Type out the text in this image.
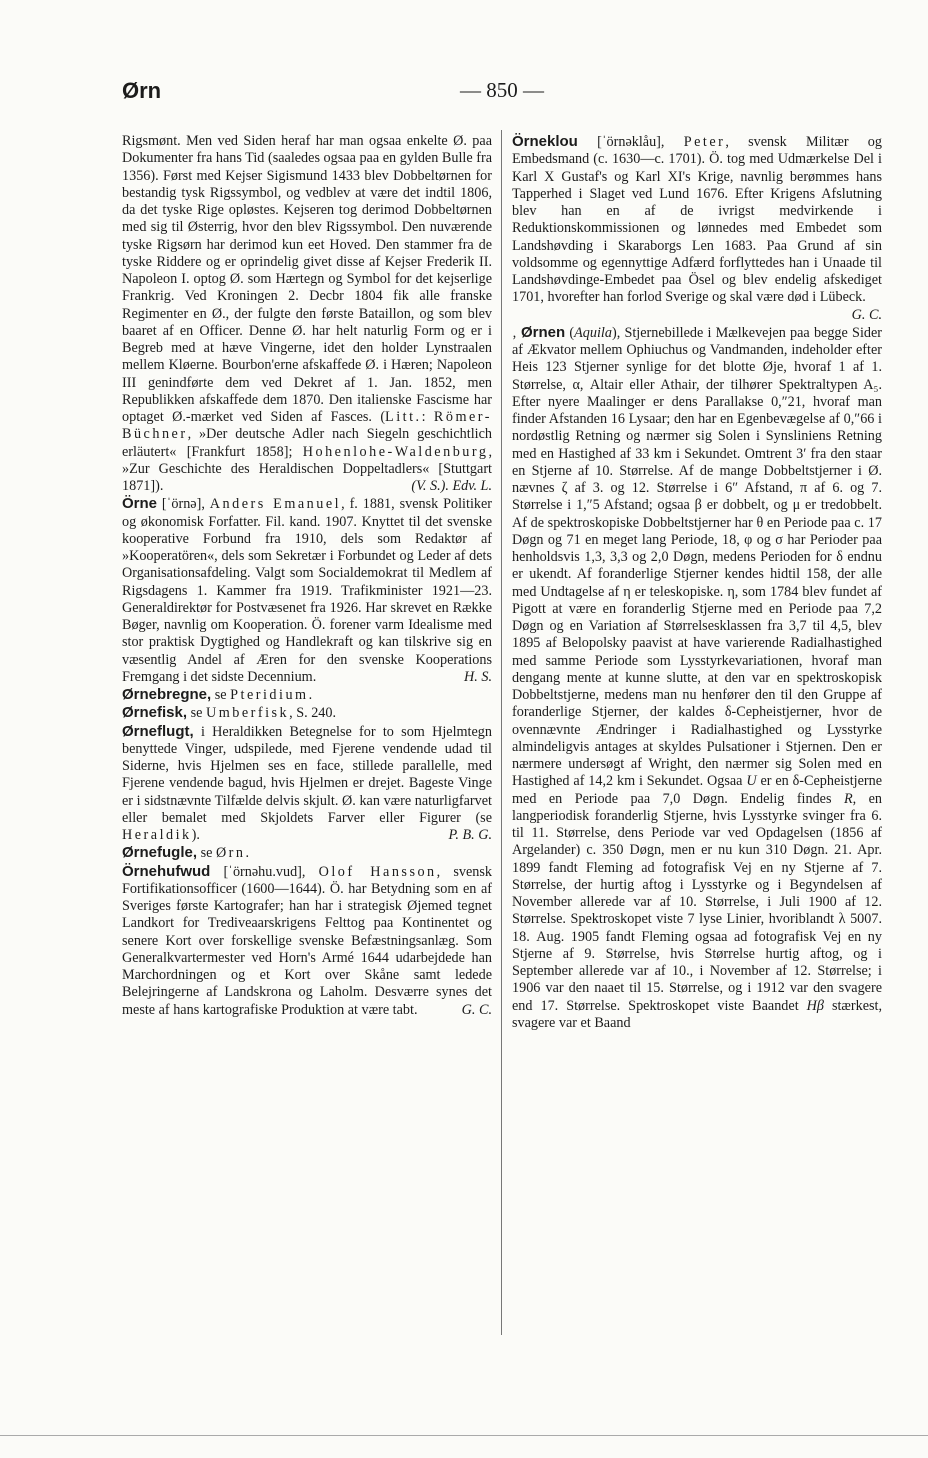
Ørn	— 850 —

Rigsmønt. Men ved Siden heraf har man ogsaa enkelte Ø. paa Dokumenter fra hans Tid (saaledes ogsaa paa en gylden Bulle fra 1356). Først med Kejser Sigismund 1433 blev Dobbeltørnen for bestandig tysk Rigssymbol, og vedblev at være det indtil 1806, da det tyske Rige opløstes. Kejseren tog derimod Dobbeltørnen med sig til Østerrig, hvor den blev Rigssymbol. Den nuværende tyske Rigsørn har derimod kun eet Hoved. Den stammer fra de tyske Riddere og er oprindelig givet disse af Kejser Frederik II. Napoleon I. optog Ø. som Hærtegn og Symbol for det kejserlige Frankrig. Ved Kroningen 2. Decbr 1804 fik alle franske Regimenter en Ø., der fulgte den første Bataillon, og som blev baaret af en Officer. Denne Ø. har helt naturlig Form og er i Begreb med at hæve Vingerne, idet den holder Lynstraalen mellem Kløerne. Bourbon'erne afskaffede Ø. i Hæren; Napoleon III genindførte dem ved Dekret af 1. Jan. 1852, men Republikken afskaffede dem 1870. Den italienske Fascisme har optaget Ø.-mærket ved Siden af Fasces. (Litt.: Römer-Büchner, »Der deutsche Adler nach Siegeln geschichtlich erläutert« [Frankfurt 1858]; Hohenlohe-Waldenburg, »Zur Geschichte des Heraldischen Doppeltadlers« [Stuttgart 1871]).	(V. S.). Edv. L.

Örne [ˈörnə], Anders Emanuel, f. 1881, svensk Politiker og økonomisk Forfatter. Fil. kand. 1907. Knyttet til det svenske kooperative Forbund fra 1910, dels som Redaktør af »Kooperatören«, dels som Sekretær i Forbundet og Leder af dets Organisationsafdeling. Valgt som Socialdemokrat til Medlem af Rigsdagens 1. Kammer fra 1919. Trafikminister 1921—23. Generaldirektør for Postvæsenet fra 1926. Har skrevet en Række Bøger, navnlig om Kooperation. Ö. forener varm Idealisme med stor praktisk Dygtighed og Handlekraft og kan tilskrive sig en væsentlig Andel af Æren for den svenske Kooperations Fremgang i det sidste Decennium.	H. S.

Ørnebregne, se Pteridium.

Ørnefisk, se Umberfisk, S. 240.

Ørneflugt, i Heraldikken Betegnelse for to som Hjelmtegn benyttede Vinger, udspilede, med Fjerene vendende udad til Siderne, hvis Hjelmen ses en face, stillede parallelle, med Fjerene vendende bagud, hvis Hjelmen er drejet. Bageste Vinge er i sidstnævnte Tilfælde delvis skjult. Ø. kan være naturligfarvet eller bemalet med Skjoldets Farver eller Figurer (se Heraldik).	P. B. G.

Ørnefugle, se Ørn.

Örnehufwud [ˈörnəhu.vud], Olof Hansson, svensk Fortifikationsofficer (1600—1644). Ö. har Betydning som en af Sveriges første Kartografer; han har i strategisk Øjemed tegnet Landkort for Trediveaarskrigens Felttog paa Kontinentet og senere Kort over forskellige svenske Befæstningsanlæg. Som Generalkvartermester ved Horn's Armé 1644 udarbejdede han Marchordningen og et Kort over Skåne samt ledede Belejringerne af Landskrona og Laholm. Desværre synes det meste af hans kartografiske Produktion at være tabt.	G. C.

Örneklou [ˈörnəklåu], Peter, svensk Militær og Embedsmand (c. 1630—c. 1701). Ö. tog med Udmærkelse Del i Karl X Gustaf's og Karl XI's Krige, navnlig berømmes hans Tapperhed i Slaget ved Lund 1676. Efter Krigens Afslutning blev han en af de ivrigst medvirkende i Reduktionskommissionen og lønnedes med Embedet som Landshøvding i Skaraborgs Len 1683. Paa Grund af sin voldsomme og egennyttige Adfærd forflyttedes han i Unaade til Landshøvdinge-Embedet paa Ösel og blev endelig afskediget 1701, hvorefter han forlod Sverige og skal være død i Lübeck.
G. C.

‚ Ørnen (Aquila), Stjernebillede i Mælkevejen paa begge Sider af Ækvator mellem Ophiuchus og Vandmanden, indeholder efter Heis 123 Stjerner synlige for det blotte Øje, hvoraf 1 af 1. Størrelse, α, Altair eller Athair, der tilhører Spektraltypen A₅. Efter nyere Maalinger er dens Parallakse 0,″21, hvoraf man finder Afstanden 16 Lysaar; den har en Egenbevægelse af 0,″66 i nordøstlig Retning og nærmer sig Solen i Synsliniens Retning med en Hastighed af 33 km i Sekundet. Omtrent 3′ fra den staar en Stjerne af 10. Størrelse. Af de mange Dobbeltstjerner i Ø. nævnes ζ af 3. og 12. Størrelse i 6″ Afstand, π af 6. og 7. Størrelse i 1,″5 Afstand; ogsaa β er dobbelt, og μ er tredobbelt. Af de spektroskopiske Dobbeltstjerner har θ en Periode paa c. 17 Døgn og 71 en meget lang Periode, 18, φ og σ har Perioder paa henholdsvis 1,3, 3,3 og 2,0 Døgn, medens Perioden for δ endnu er ukendt. Af foranderlige Stjerner kendes hidtil 158, der alle med Undtagelse af η er teleskopiske. η, som 1784 blev fundet af Pigott at være en foranderlig Stjerne med en Periode paa 7,2 Døgn og en Variation af Størrelsesklassen fra 3,7 til 4,5, blev 1895 af Belopolsky paavist at have varierende Radialhastighed med samme Periode som Lysstyrkevariationen, hvoraf man dengang mente at kunne slutte, at den var en spektroskopisk Dobbeltstjerne, medens man nu henfører den til den Gruppe af foranderlige Stjerner, der kaldes δ-Cepheistjerner, hvor de ovennævnte Ændringer i Radialhastighed og Lysstyrke almindeligvis antages at skyldes Pulsationer i Stjernen. Den er nærmere undersøgt af Wright, den nærmer sig Solen med en Hastighed af 14,2 km i Sekundet. Ogsaa U er en δ-Cepheistjerne med en Periode paa 7,0 Døgn. Endelig findes R, en langperiodisk foranderlig Stjerne, hvis Lysstyrke svinger fra 6. til 11. Størrelse, dens Periode var ved Opdagelsen (1856 af Argelander) c. 350 Døgn, men er nu kun 310 Døgn. 21. Apr. 1899 fandt Fleming ad fotografisk Vej en ny Stjerne af 7. Størrelse, der hurtig aftog i Lysstyrke og i Begyndelsen af November allerede var af 10. Størrelse, i Juli 1900 af 12. Størrelse. Spektroskopet viste 7 lyse Linier, hvoriblandt λ 5007. 18. Aug. 1905 fandt Fleming ogsaa ad fotografisk Vej en ny Stjerne af 9. Størrelse, hvis Størrelse hurtig aftog, og i September allerede var af 10., i November af 12. Størrelse; i 1906 var den naaet til 15. Størrelse, og i 1912 var den svagere end 17. Størrelse. Spektroskopet viste Baandet Hβ stærkest, svagere var et Baand
